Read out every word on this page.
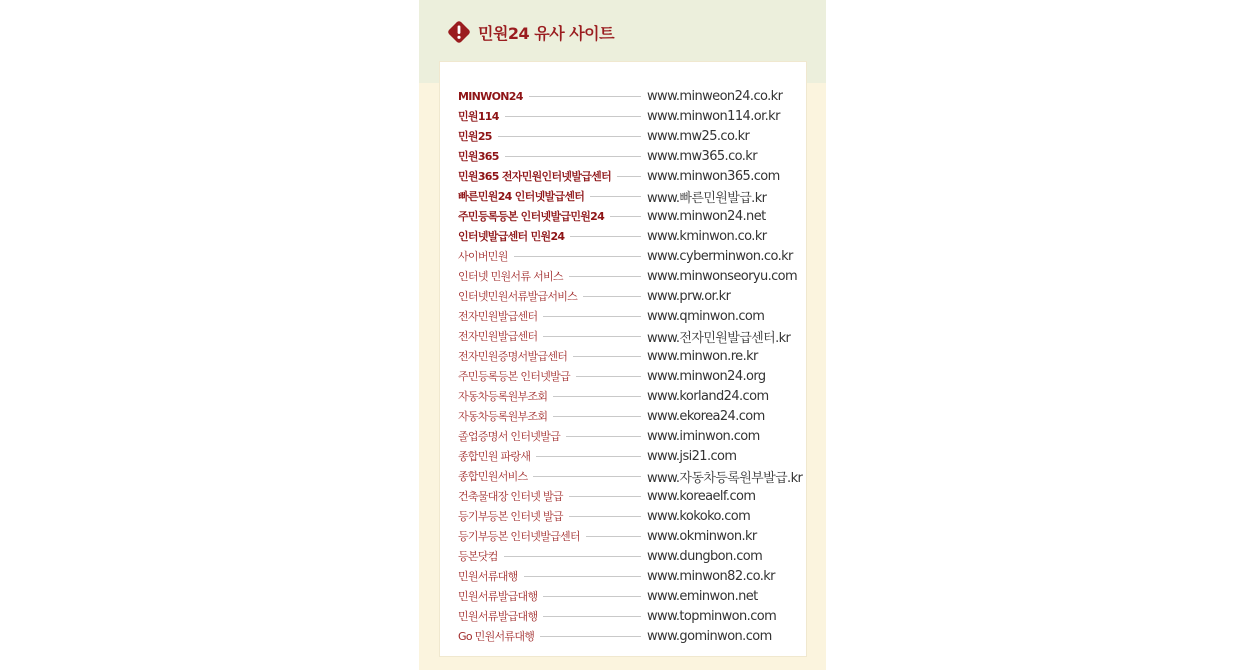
민원24 유사 사이트
MINWON24	www.minweon24.co.kr
민원114	www.minwon114.or.kr
민원25	www.mw25.co.kr
민원365	www.mw365.co.kr
민원365 전자민원인터넷발급센터	www.minwon365.com
빠른민원24 인터넷발급센터	www.빠른민원발급.kr
주민등록등본 인터넷발급민원24	www.minwon24.net
인터넷발급센터 민원24	www.kminwon.co.kr
사이버민원	www.cyberminwon.co.kr
인터넷 민원서류 서비스	www.minwonseoryu.com
인터넷민원서류발급서비스	www.prw.or.kr
전자민원발급센터	www.qminwon.com
전자민원발급센터	www.전자민원발급센터.kr
전자민원증명서발급센터	www.minwon.re.kr
주민등록등본 인터넷발급	www.minwon24.org
자동차등록원부조회	www.korland24.com
자동차등록원부조회	www.ekorea24.com
졸업증명서 인터넷발급	www.iminwon.com
종합민원 파랑새	www.jsi21.com
종합민원서비스	www.자동차등록원부발급.kr
건축물대장 인터넷 발급	www.koreaelf.com
등기부등본 인터넷 발급	www.kokoko.com
등기부등본 인터넷발급센터	www.okminwon.kr
등본닷컴	www.dungbon.com
민원서류대행	www.minwon82.co.kr
민원서류발급대행	www.eminwon.net
민원서류발급대행	www.topminwon.com
Go 민원서류대행	www.gominwon.com
